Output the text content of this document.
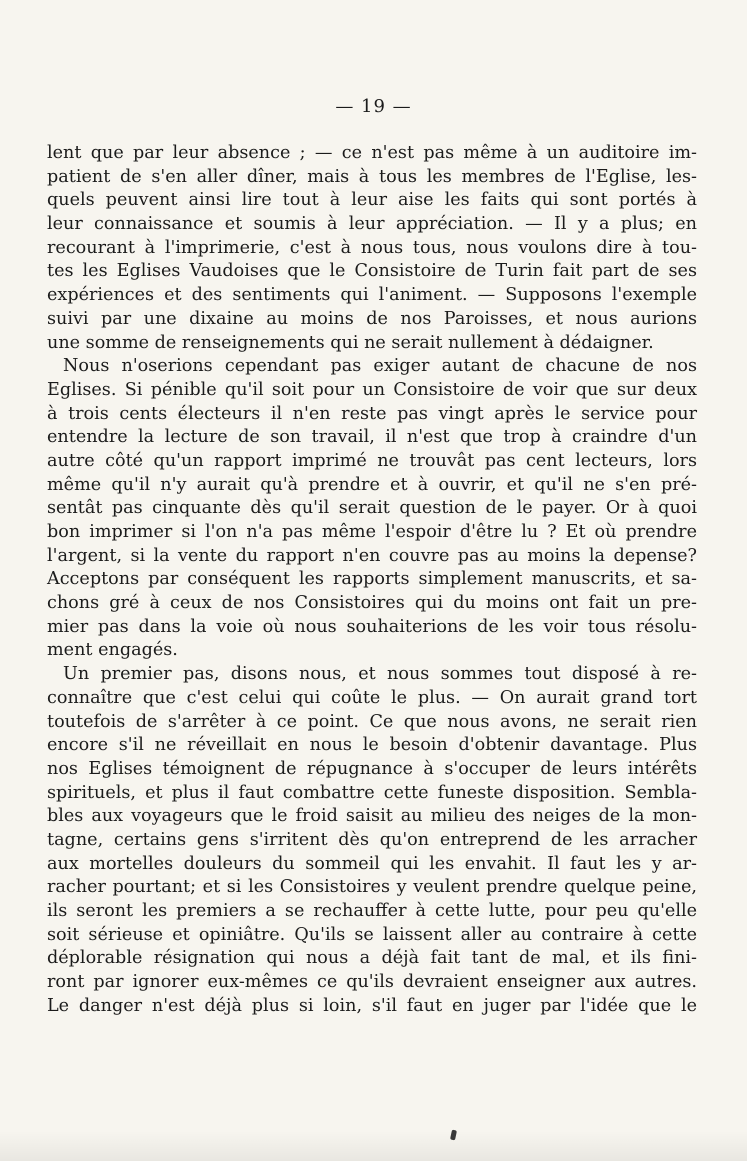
— 19 —
lent que par leur absence ; — ce n'est pas même à un auditoire im-
patient de s'en aller dîner, mais à tous les membres de l'Eglise, les-
quels peuvent ainsi lire tout à leur aise les faits qui sont portés à
leur connaissance et soumis à leur appréciation. — Il y a plus; en
recourant à l'imprimerie, c'est à nous tous, nous voulons dire à tou-
tes les Eglises Vaudoises que le Consistoire de Turin fait part de ses
expériences et des sentiments qui l'animent. — Supposons l'exemple
suivi par une dixaine au moins de nos Paroisses, et nous aurions
une somme de renseignements qui ne serait nullement à dédaigner.
Nous n'oserions cependant pas exiger autant de chacune de nos
Eglises. Si pénible qu'il soit pour un Consistoire de voir que sur deux
à trois cents électeurs il n'en reste pas vingt après le service pour
entendre la lecture de son travail, il n'est que trop à craindre d'un
autre côté qu'un rapport imprimé ne trouvât pas cent lecteurs, lors
même qu'il n'y aurait qu'à prendre et à ouvrir, et qu'il ne s'en pré-
sentât pas cinquante dès qu'il serait question de le payer. Or à quoi
bon imprimer si l'on n'a pas même l'espoir d'être lu ? Et où prendre
l'argent, si la vente du rapport n'en couvre pas au moins la depense?
Acceptons par conséquent les rapports simplement manuscrits, et sa-
chons gré à ceux de nos Consistoires qui du moins ont fait un pre-
mier pas dans la voie où nous souhaiterions de les voir tous résolu-
ment engagés.
Un premier pas, disons nous, et nous sommes tout disposé à re-
connaître que c'est celui qui coûte le plus. — On aurait grand tort
toutefois de s'arrêter à ce point. Ce que nous avons, ne serait rien
encore s'il ne réveillait en nous le besoin d'obtenir davantage. Plus
nos Eglises témoignent de répugnance à s'occuper de leurs intérêts
spirituels, et plus il faut combattre cette funeste disposition. Sembla-
bles aux voyageurs que le froid saisit au milieu des neiges de la mon-
tagne, certains gens s'irritent dès qu'on entreprend de les arracher
aux mortelles douleurs du sommeil qui les envahit. Il faut les y ar-
racher pourtant; et si les Consistoires y veulent prendre quelque peine,
ils seront les premiers a se rechauffer à cette lutte, pour peu qu'elle
soit sérieuse et opiniâtre. Qu'ils se laissent aller au contraire à cette
déplorable résignation qui nous a déjà fait tant de mal, et ils fini-
ront par ignorer eux-mêmes ce qu'ils devraient enseigner aux autres.
Le danger n'est déjà plus si loin, s'il faut en juger par l'idée que le
